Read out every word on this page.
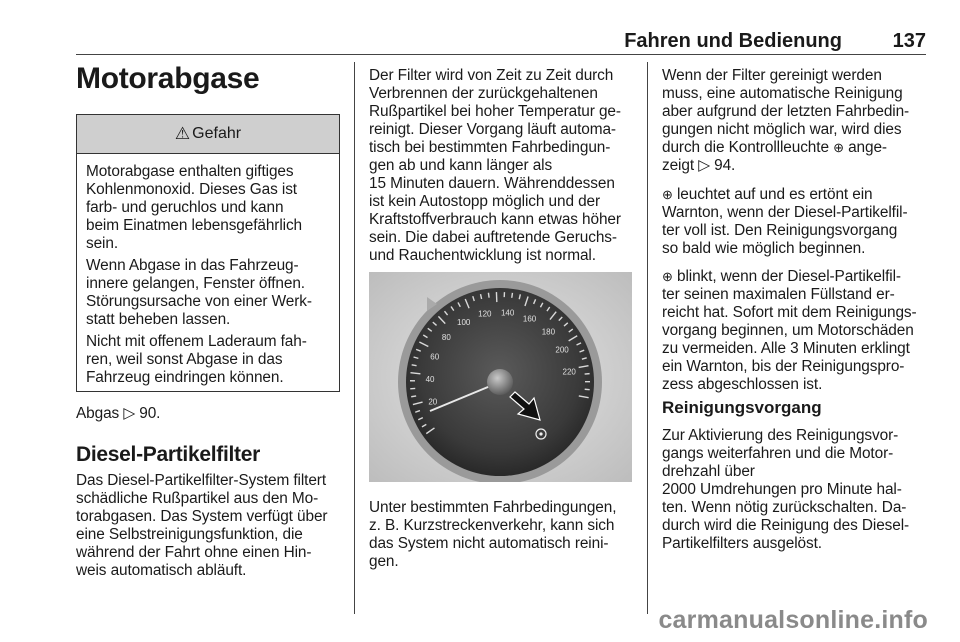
Fahren und Bedienung	137
Motorabgase
⚠ Gefahr
Motorabgase enthalten giftiges
Kohlenmonoxid. Dieses Gas ist
farb- und geruchlos und kann
beim Einatmen lebensgefährlich
sein.
Wenn Abgase in das Fahrzeug-
innere gelangen, Fenster öffnen.
Störungsursache von einer Werk-
statt beheben lassen.
Nicht mit offenem Laderaum fah-
ren, weil sonst Abgase in das
Fahrzeug eindringen können.
Abgas ▷ 90.
Diesel-Partikelfilter
Das Diesel-Partikelfilter-System filtert
schädliche Rußpartikel aus den Mo-
torabgasen. Das System verfügt über
eine Selbstreinigungsfunktion, die
während der Fahrt ohne einen Hin-
weis automatisch abläuft.
Der Filter wird von Zeit zu Zeit durch
Verbrennen der zurückgehaltenen
Rußpartikel bei hoher Temperatur ge-
reinigt. Dieser Vorgang läuft automa-
tisch bei bestimmten Fahrbedingun-
gen ab und kann länger als
15 Minuten dauern. Währenddessen
ist kein Autostopp möglich und der
Kraftstoffverbrauch kann etwas höher
sein. Die dabei auftretende Geruchs-
und Rauchentwicklung ist normal.
20
40
60
80
100
120 140
160
180
200
220
Unter bestimmten Fahrbedingungen,
z. B. Kurzstreckenverkehr, kann sich
das System nicht automatisch reini-
gen.
Wenn der Filter gereinigt werden
muss, eine automatische Reinigung
aber aufgrund der letzten Fahrbedin-
gungen nicht möglich war, wird dies
durch die Kontrollleuchte ⊕ ange-
zeigt ▷ 94.
⊕ leuchtet auf und es ertönt ein
Warnton, wenn der Diesel-Partikelfil-
ter voll ist. Den Reinigungsvorgang
so bald wie möglich beginnen.
⊕ blinkt, wenn der Diesel-Partikelfil-
ter seinen maximalen Füllstand er-
reicht hat. Sofort mit dem Reinigungs-
vorgang beginnen, um Motorschäden
zu vermeiden. Alle 3 Minuten erklingt
ein Warnton, bis der Reinigungspro-
zess abgeschlossen ist.
Reinigungsvorgang
Zur Aktivierung des Reinigungsvor-
gangs weiterfahren und die Motor-
drehzahl über
2000 Umdrehungen pro Minute hal-
ten. Wenn nötig zurückschalten. Da-
durch wird die Reinigung des Diesel-
Partikelfilters ausgelöst.
carmanualsonline.info
